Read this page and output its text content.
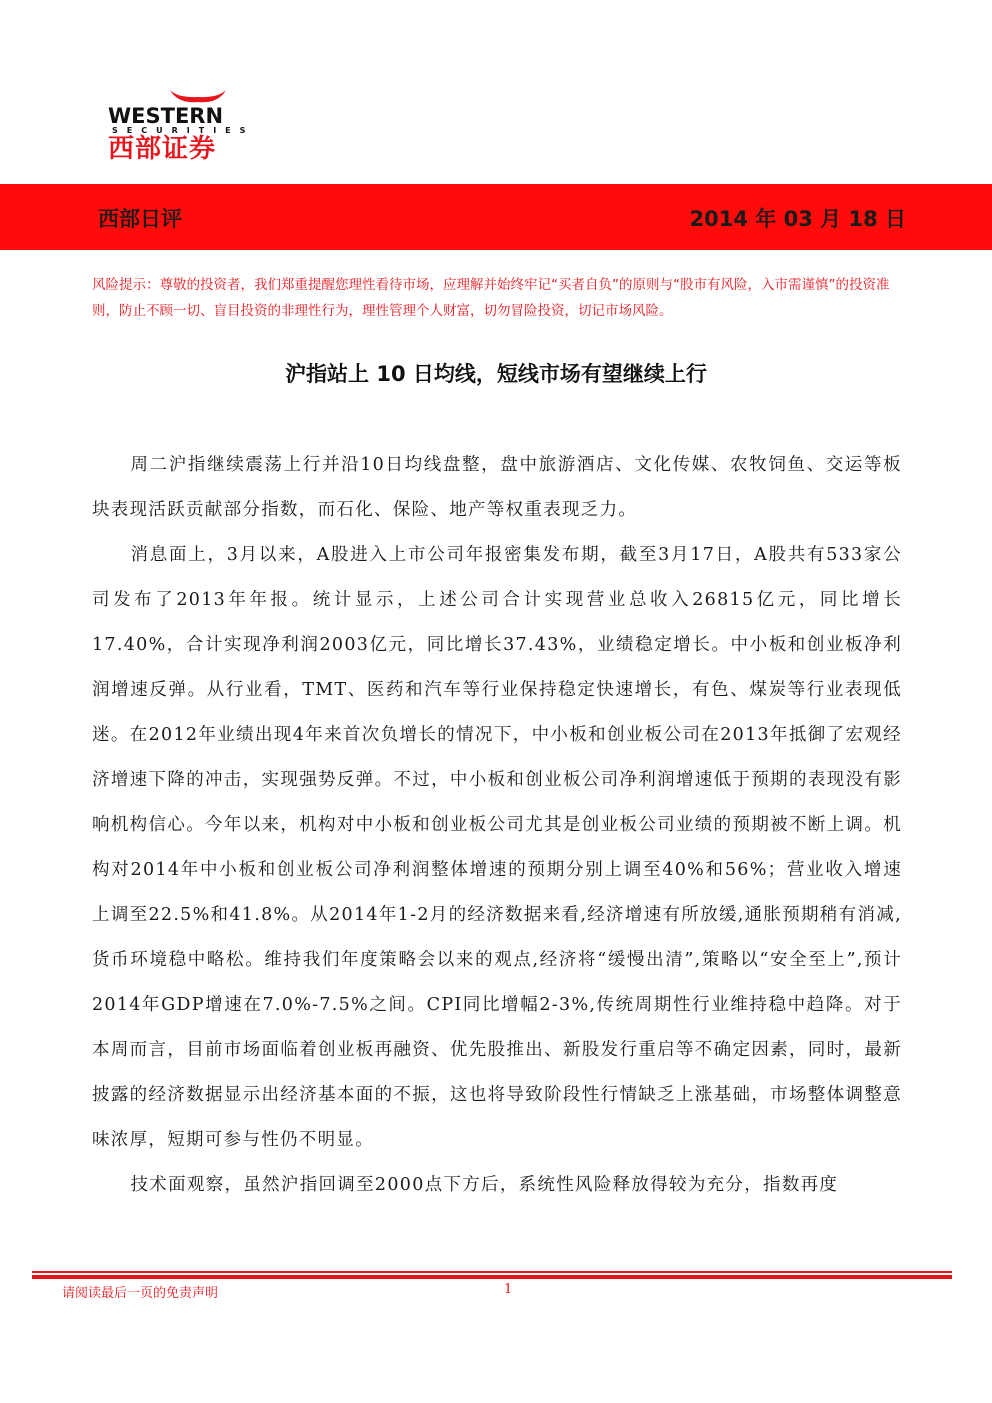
WESTERN
SECURITIES
西部证券
西部日评	2014 年 03 月 18 日
风险提示：尊敬的投资者，我们郑重提醒您理性看待市场，应理解并始终牢记“买者自负”的原则与“股市有风险，入市需谨慎”的投资准则，防止不顾一切、盲目投资的非理性行为，理性管理个人财富，切勿冒险投资，切记市场风险。
沪指站上 10 日均线，短线市场有望继续上行

周二沪指继续震荡上行并沿10日均线盘整，盘中旅游酒店、文化传媒、农牧饲鱼、交运等板块表现活跃贡献部分指数，而石化、保险、地产等权重表现乏力。

消息面上，3月以来，A股进入上市公司年报密集发布期，截至3月17日，A股共有533家公司发布了2013年年报。统计显示，上述公司合计实现营业总收入26815亿元，同比增长17.40%，合计实现净利润2003亿元，同比增长37.43%，业绩稳定增长。中小板和创业板净利润增速反弹。从行业看，TMT、医药和汽车等行业保持稳定快速增长，有色、煤炭等行业表现低迷。在2012年业绩出现4年来首次负增长的情况下，中小板和创业板公司在2013年抵御了宏观经济增速下降的冲击，实现强势反弹。不过，中小板和创业板公司净利润增速低于预期的表现没有影响机构信心。今年以来，机构对中小板和创业板公司尤其是创业板公司业绩的预期被不断上调。机构对2014年中小板和创业板公司净利润整体增速的预期分别上调至40%和56%；营业收入增速上调至22.5%和41.8%。从2014年1-2月的经济数据来看,经济增速有所放缓,通胀预期稍有消减,货币环境稳中略松。维持我们年度策略会以来的观点,经济将“缓慢出清”,策略以“安全至上”,预计2014年GDP增速在7.0%-7.5%之间。CPI同比增幅2-3%,传统周期性行业维持稳中趋降。对于本周而言，目前市场面临着创业板再融资、优先股推出、新股发行重启等不确定因素，同时，最新披露的经济数据显示出经济基本面的不振，这也将导致阶段性行情缺乏上涨基础，市场整体调整意味浓厚，短期可参与性仍不明显。

技术面观察，虽然沪指回调至2000点下方后，系统性风险释放得较为充分，指数再度

请阅读最后一页的免责声明	1
